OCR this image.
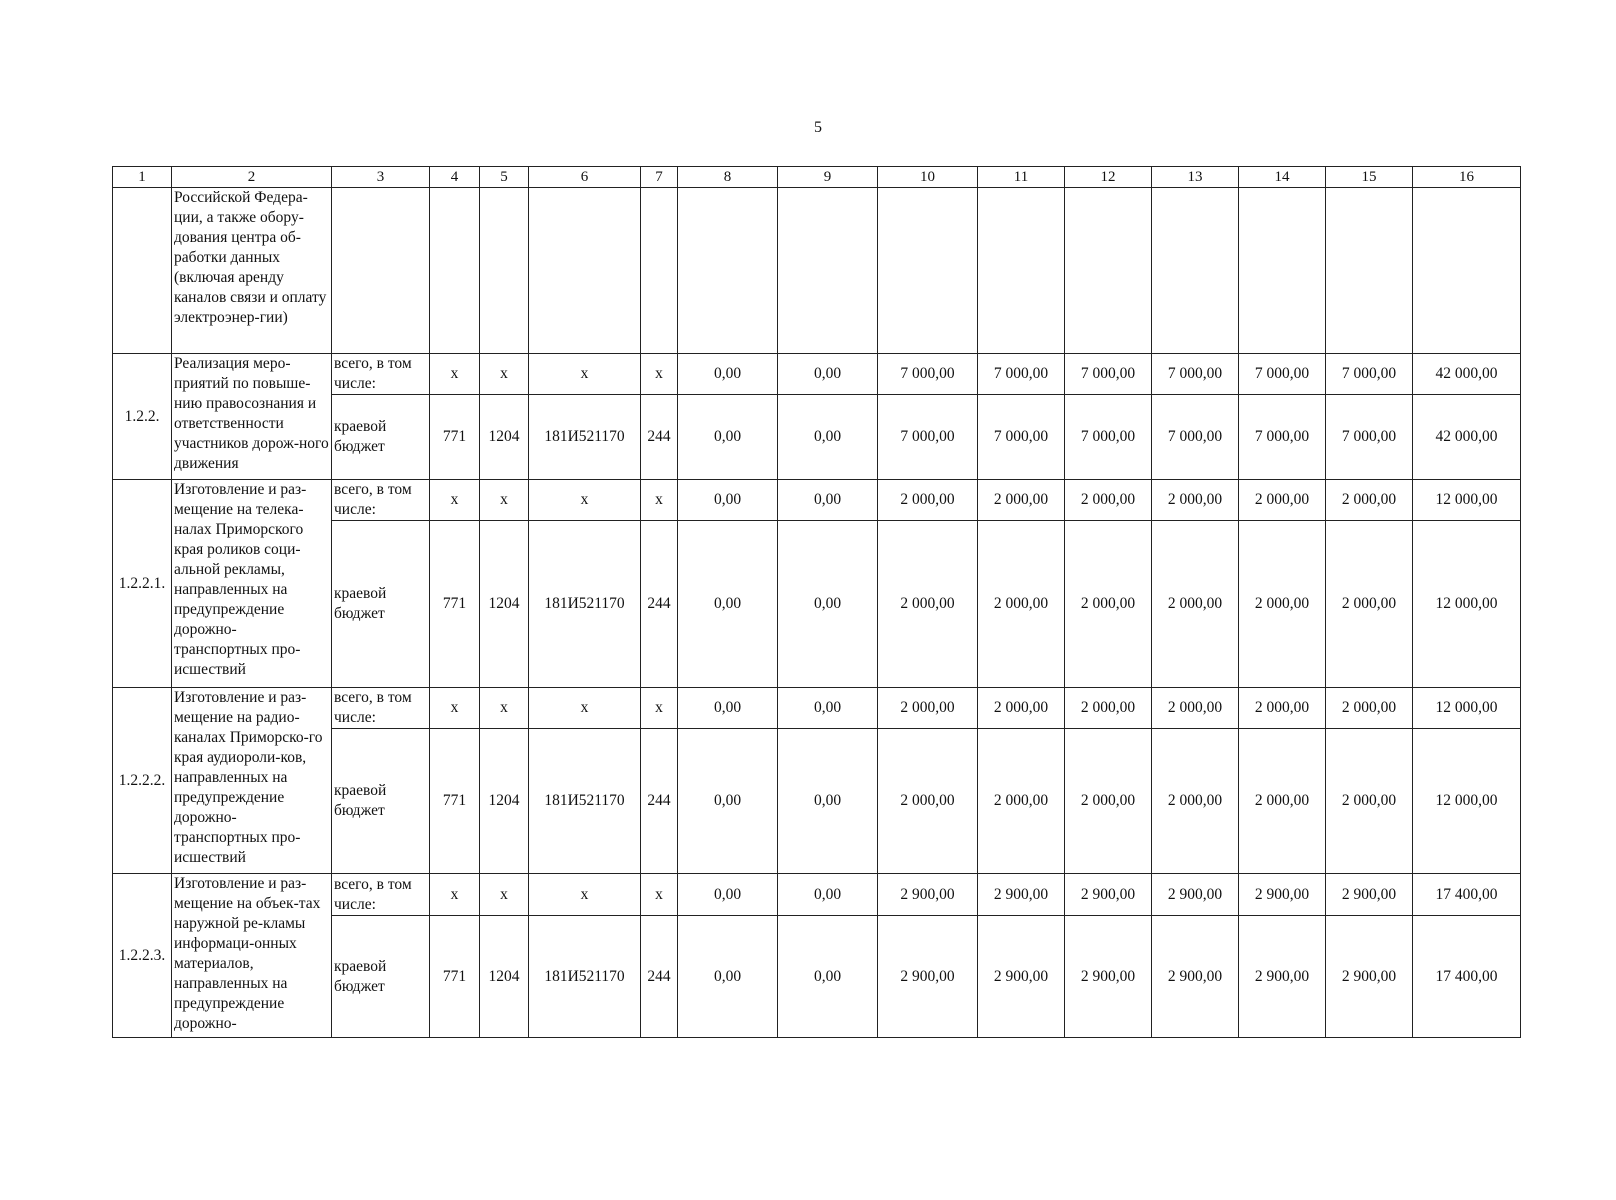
5
1	2	3	4	5	6	7	8	9	10	11	12	13	14	15	16
	Российской Федера-ции, а также обору-дования центра об-работки данных (включая аренду каналов связи и оплату электроэнер-гии)														
1.2.2.	Реализация меро-приятий по повыше-нию правосознания и ответственности участников дорож-ного движения	всего, в том числе:	x	x	x	x	0,00	0,00	7 000,00	7 000,00	7 000,00	7 000,00	7 000,00	7 000,00	42 000,00
		краевой бюджет	771	1204	181И521170	244	0,00	0,00	7 000,00	7 000,00	7 000,00	7 000,00	7 000,00	7 000,00	42 000,00
1.2.2.1.	Изготовление и раз-мещение на телека-налах Приморского края роликов соци-альной рекламы, направленных на предупреждение дорожно-транспортных про-исшествий	всего, в том числе:	x	x	x	x	0,00	0,00	2 000,00	2 000,00	2 000,00	2 000,00	2 000,00	2 000,00	12 000,00
		краевой бюджет	771	1204	181И521170	244	0,00	0,00	2 000,00	2 000,00	2 000,00	2 000,00	2 000,00	2 000,00	12 000,00
1.2.2.2.	Изготовление и раз-мещение на радио-каналах Приморско-го края аудиороли-ков, направленных на предупреждение дорожно-транспортных про-исшествий	всего, в том числе:	x	x	x	x	0,00	0,00	2 000,00	2 000,00	2 000,00	2 000,00	2 000,00	2 000,00	12 000,00
		краевой бюджет	771	1204	181И521170	244	0,00	0,00	2 000,00	2 000,00	2 000,00	2 000,00	2 000,00	2 000,00	12 000,00
1.2.2.3.	Изготовление и раз-мещение на объек-тах наружной ре-кламы информаци-онных материалов, направленных на предупреждение дорожно-	всего, в том числе:	x	x	x	x	0,00	0,00	2 900,00	2 900,00	2 900,00	2 900,00	2 900,00	2 900,00	17 400,00
		краевой бюджет	771	1204	181И521170	244	0,00	0,00	2 900,00	2 900,00	2 900,00	2 900,00	2 900,00	2 900,00	17 400,00
